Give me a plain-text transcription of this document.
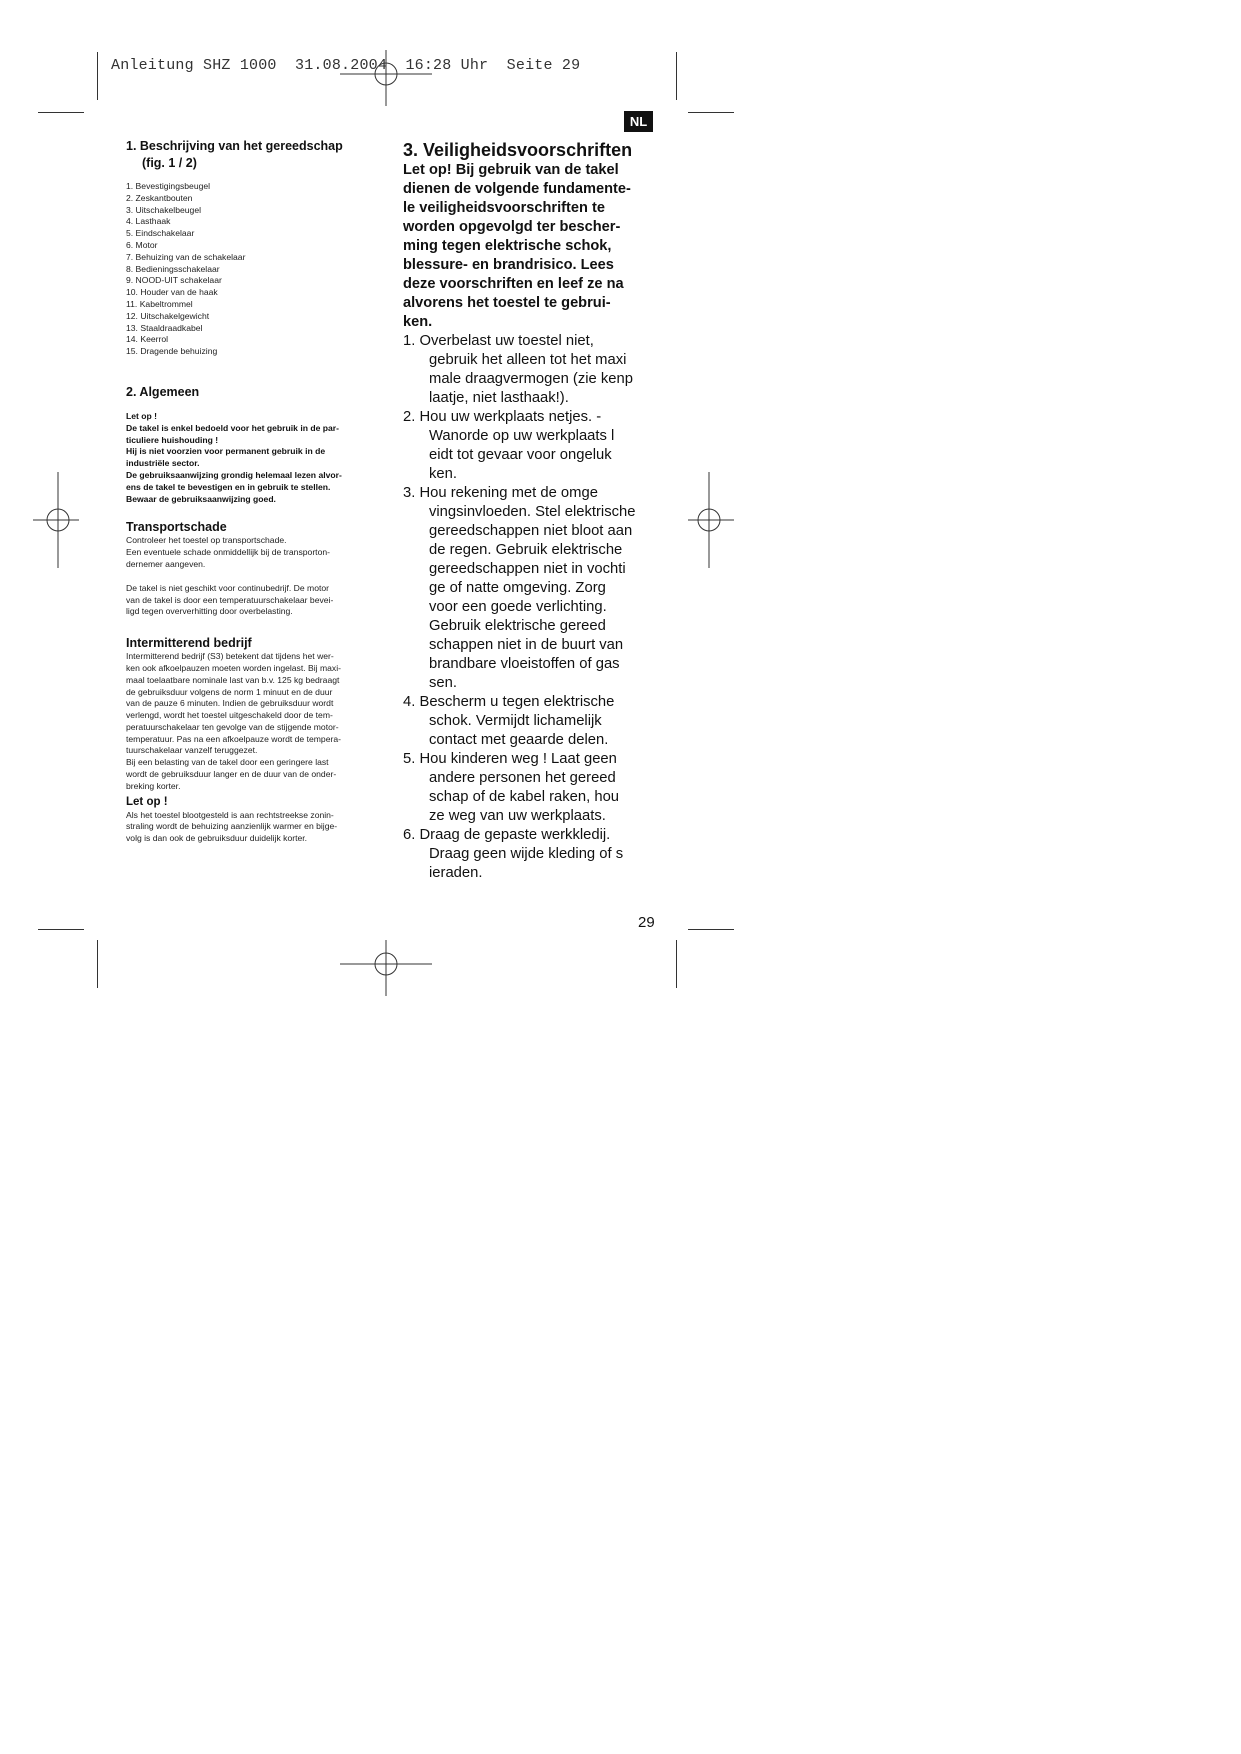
Anleitung SHZ 1000  31.08.2004  16:28 Uhr  Seite 29
NL

1. Beschrijving van het gereedschap
(fig. 1 / 2)

1. Bevestigingsbeugel
2. Zeskantbouten
3. Uitschakelbeugel
4. Lasthaak
5. Eindschakelaar
6. Motor
7. Behuizing van de schakelaar
8. Bedieningsschakelaar
9. NOOD-UIT schakelaar
10. Houder van de haak
11. Kabeltrommel
12. Uitschakelgewicht
13. Staaldraadkabel
14. Keerrol
15. Dragende behuizing

2. Algemeen

Let op !

De takel is enkel bedoeld voor het gebruik in de par-

ticuliere huishouding !

Hij is niet voorzien voor permanent gebruik in de

industriële sector.

De gebruiksaanwijzing grondig helemaal lezen alvor-

ens de takel te bevestigen en in gebruik te stellen.

Bewaar de gebruiksaanwijzing goed.

Transportschade

Controleer het toestel op transportschade.

Een eventuele schade onmiddellijk bij de transporton-

dernemer aangeven.

De takel is niet geschikt voor continubedrijf. De motor

van de takel is door een temperatuurschakelaar bevei-

ligd tegen oververhitting door overbelasting.

Intermitterend bedrijf

Intermitterend bedrijf (S3) betekent dat tijdens het wer-

ken ook afkoelpauzen moeten worden ingelast. Bij maxi-

maal toelaatbare nominale last van b.v. 125 kg bedraagt

de gebruiksduur volgens de norm 1 minuut en de duur

van de pauze 6 minuten. Indien de gebruiksduur wordt

verlengd, wordt het toestel uitgeschakeld door de tem-

peratuurschakelaar ten gevolge van de stijgende motor-

temperatuur. Pas na een afkoelpauze wordt de tempera-

tuurschakelaar vanzelf teruggezet.

Bij een belasting van de takel door een geringere last

wordt de gebruiksduur langer en de duur van de onder-

breking korter.

Let op !

Als het toestel blootgesteld is aan rechtstreekse zonin-

straling wordt de behuizing aanzienlijk warmer en bijge-

volg is dan ook de gebruiksduur duidelijk korter.

3. Veiligheidsvoorschriften

Let op! Bij gebruik van de takel

dienen de volgende fundamente-

le veiligheidsvoorschriften te

worden opgevolgd ter bescher-

ming tegen elektrische schok,

blessure- en brandrisico. Lees

deze voorschriften en leef ze na

alvorens het toestel te gebrui-

ken.

1. Overbelast uw toestel niet,
gebruik het alleen tot het maxi
male draagvermogen (zie kenp
laatje, niet lasthaak!).
2. Hou uw werkplaats netjes. -
Wanorde op uw werkplaats l
eidt tot gevaar voor ongeluk
ken.
3. Hou rekening met de omge
vingsinvloeden. Stel elektrische
gereedschappen niet bloot aan
de regen. Gebruik elektrische
gereedschappen niet in vochti
ge of natte omgeving. Zorg
voor een goede verlichting.
Gebruik elektrische gereed
schappen niet in de buurt van
brandbare vloeistoffen of gas
sen.
4. Bescherm u tegen elektrische
schok. Vermijdt lichamelijk
contact met geaarde delen.
5. Hou kinderen weg ! Laat geen
andere personen het gereed
schap of de kabel raken, hou
ze weg van uw werkplaats.
6. Draag de gepaste werkkledij.
Draag geen wijde kleding of s
ieraden.
29
